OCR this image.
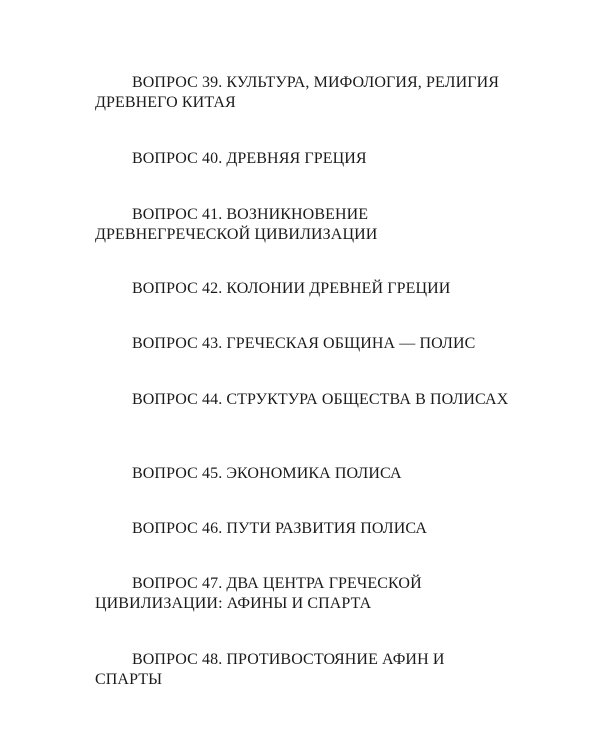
ВОПРОС 39. КУЛЬТУРА, МИФОЛОГИЯ, РЕЛИГИЯ ДРЕВНЕГО КИТАЯ

ВОПРОС 40. ДРЕВНЯЯ ГРЕЦИЯ

ВОПРОС 41. ВОЗНИКНОВЕНИЕ ДРЕВНЕГРЕЧЕСКОЙ ЦИВИЛИЗАЦИИ

ВОПРОС 42. КОЛОНИИ ДРЕВНЕЙ ГРЕЦИИ

ВОПРОС 43. ГРЕЧЕСКАЯ ОБЩИНА — ПОЛИС

ВОПРОС 44. СТРУКТУРА ОБЩЕСТВА В ПОЛИСАХ

ВОПРОС 45. ЭКОНОМИКА ПОЛИСА

ВОПРОС 46. ПУТИ РАЗВИТИЯ ПОЛИСА

ВОПРОС 47. ДВА ЦЕНТРА ГРЕЧЕСКОЙ ЦИВИЛИЗАЦИИ: АФИНЫ И СПАРТА

ВОПРОС 48. ПРОТИВОСТОЯНИЕ АФИН И СПАРТЫ
